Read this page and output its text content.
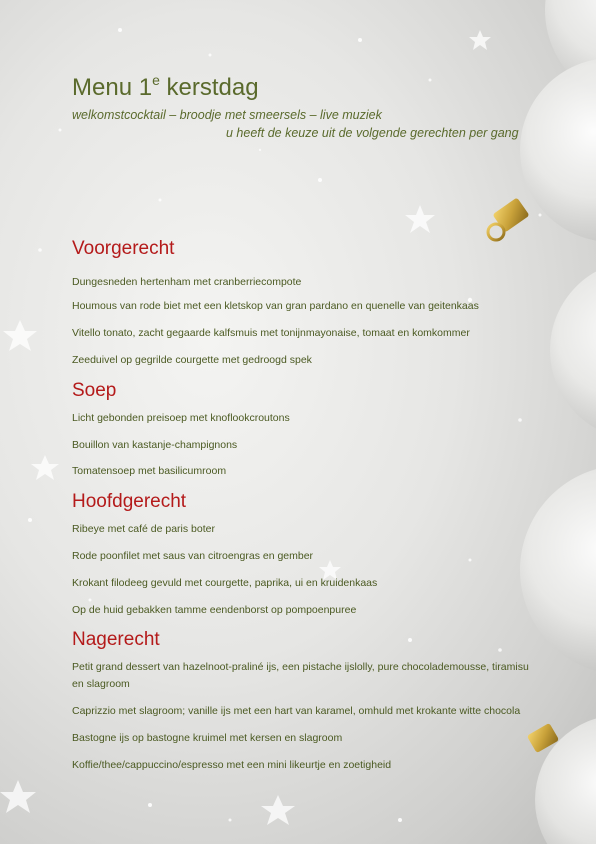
Menu 1e kerstdag
welkomstcocktail – broodje met smeersels – live muziek
u heeft de keuze uit de volgende gerechten per gang
Voorgerecht
Dungesneden hertenham met cranberriecompote
Houmous van rode biet met een kletskop van gran pardano en quenelle van geitenkaas
Vitello tonato, zacht gegaarde kalfsmuis met tonijnmayonaise, tomaat en komkommer
Zeeduivel op gegrilde courgette met gedroogd spek
Soep
Licht gebonden preisoep met knoflookcroutons
Bouillon van kastanje-champignons
Tomatensoep met basilicumroom
Hoofdgerecht
Ribeye met café de paris boter
Rode poonfilet met saus van citroengras en gember
Krokant filodeeg gevuld met courgette, paprika, ui en kruidenkaas
Op de huid gebakken tamme eendenborst op pompoenpuree
Nagerecht
Petit grand dessert van hazelnoot-praliné ijs, een pistache ijslolly, pure chocolademousse, tiramisu en slagroom
Caprizzio met slagroom; vanille ijs met een hart van karamel, omhuld met krokante witte chocola
Bastogne ijs op bastogne kruimel met kersen en slagroom
Koffie/thee/cappuccino/espresso met een mini likeurtje en zoetigheid
